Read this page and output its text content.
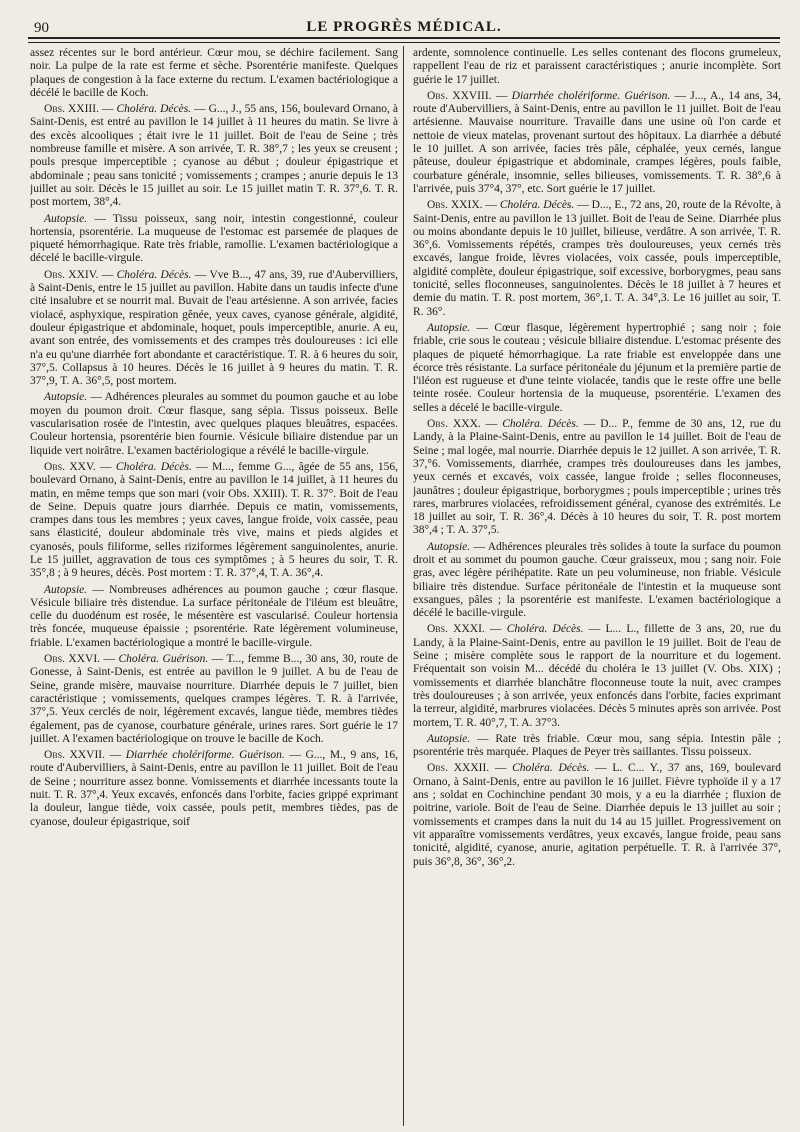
90	LE PROGRÈS MÉDICAL.

assez récentes sur le bord antérieur. Cœur mou, se déchire facilement. Sang noir. La pulpe de la rate est ferme et sèche. Psorentérie manifeste. Quelques plaques de congestion à la face externe du rectum. L'examen bactériologique a décélé le bacille de Koch.

Obs. XXIII. — Choléra. Décès. — G..., J., 55 ans, 156, boulevard Ornano, à Saint-Denis, est entré au pavillon le 14 juillet à 11 heures du matin. Se livre à des excès alcooliques ; était ivre le 11 juillet. Boit de l'eau de Seine ; très nombreuse famille et misère. A son arrivée, T. R. 38°,7 ; les yeux se creusent ; pouls presque imperceptible ; cyanose au début ; douleur épigastrique et abdominale ; peau sans tonicité ; vomissements ; crampes ; anurie depuis le 13 juillet au soir. Décès le 15 juillet au soir. Le 15 juillet matin T. R. 37°,6. T. R. post mortem, 38°,4.

Autopsie. — Tissu poisseux, sang noir, intestin congestionné, couleur hortensia, psorentérie. La muqueuse de l'estomac est parsemée de plaques de piqueté hémorrhagique. Rate très friable, ramollie. L'examen bactériologique a décelé le bacille-virgule.

Obs. XXIV. — Choléra. Décès. — Vve B..., 47 ans, 39, rue d'Aubervilliers, à Saint-Denis, entre le 15 juillet au pavillon. Habite dans un taudis infecte d'une cité insalubre et se nourrit mal. Buvait de l'eau artésienne. A son arrivée, facies violacé, asphyxique, respiration gênée, yeux caves, cyanose générale, algidité, douleur épigastrique et abdominale, hoquet, pouls imperceptible, anurie. A eu, avant son entrée, des vomissements et des crampes très douloureuses : ici elle n'a eu qu'une diarrhée fort abondante et caractéristique. T. R. à 6 heures du soir, 37°,5. Collapsus à 10 heures. Décès le 16 juillet à 9 heures du matin. T. R. 37°,9, T. A. 36°,5, post mortem.

Autopsie. — Adhérences pleurales au sommet du poumon gauche et au lobe moyen du poumon droit. Cœur flasque, sang sépia. Tissus poisseux. Belle vascularisation rosée de l'intestin, avec quelques plaques bleuâtres, espacées. Couleur hortensia, psorentérie bien fournie. Vésicule biliaire distendue par un liquide vert noirâtre. L'examen bactériologique a révélé le bacille-virgule.

Obs. XXV. — Choléra. Décès. — M..., femme G..., âgée de 55 ans, 156, boulevard Ornano, à Saint-Denis, entre au pavillon le 14 juillet, à 11 heures du matin, en même temps que son mari (voir Obs. XXIII). T. R. 37°. Boit de l'eau de Seine. Depuis quatre jours diarrhée. Depuis ce matin, vomissements, crampes dans tous les membres ; yeux caves, langue froide, voix cassée, peau sans élasticité, douleur abdominale très vive, mains et pieds algides et cyanosés, pouls filiforme, selles riziformes légèrement sanguinolentes, anurie. Le 15 juillet, aggravation de tous ces symptômes ; à 5 heures du soir, T. R. 35°,8 ; à 9 heures, décès. Post mortem : T. R. 37°,4, T. A. 36°,4.

Autopsie. — Nombreuses adhérences au poumon gauche ; cœur flasque. Vésicule biliaire très distendue. La surface péritonéale de l'iléum est bleuâtre, celle du duodénum est rosée, le mésentère est vascularisé. Couleur hortensia très foncée, muqueuse épaissie ; psorentérie. Rate légèrement volumineuse, friable. L'examen bactériologique a montré le bacille-virgule.

Obs. XXVI. — Choléra. Guérison. — T..., femme B..., 30 ans, 30, route de Gonesse, à Saint-Denis, est entrée au pavillon le 9 juillet. A bu de l'eau de Seine, grande misère, mauvaise nourriture. Diarrhée depuis le 7 juillet, bien caractéristique ; vomissements, quelques crampes légères. T. R. à l'arrivée, 37°,5. Yeux cerclés de noir, légèrement excavés, langue tiède, membres tièdes également, pas de cyanose, courbature générale, urines rares. Sort guérie le 17 juillet. A l'examen bactériologique on trouve le bacille de Koch.

Obs. XXVII. — Diarrhée cholériforme. Guérison. — G..., M., 9 ans, 16, route d'Aubervilliers, à Saint-Denis, entre au pavillon le 11 juillet. Boit de l'eau de Seine ; nourriture assez bonne. Vomissements et diarrhée incessants toute la nuit. T. R. 37°,4. Yeux excavés, enfoncés dans l'orbite, facies grippé exprimant la douleur, langue tiède, voix cassée, pouls petit, membres tièdes, pas de cyanose, douleur épigastrique, soif

ardente, somnolence continuelle. Les selles contenant des flocons grumeleux, rappellent l'eau de riz et paraissent caractéristiques ; anurie incomplète. Sort guérie le 17 juillet.

Obs. XXVIII. — Diarrhée cholériforme. Guérison. — J..., A., 14 ans, 34, route d'Aubervilliers, à Saint-Denis, entre au pavillon le 11 juillet. Boit de l'eau artésienne. Mauvaise nourriture. Travaille dans une usine où l'on carde et nettoie de vieux matelas, provenant surtout des hôpitaux. La diarrhée a débuté le 10 juillet. A son arrivée, facies très pâle, céphalée, yeux cernés, langue pâteuse, douleur épigastrique et abdominale, crampes légères, pouls faible, courbature générale, insomnie, selles bilieuses, vomissements. T. R. 38°,6 à l'arrivée, puis 37°4, 37°, etc. Sort guérie le 17 juillet.

Obs. XXIX. — Choléra. Décès. — D..., E., 72 ans, 20, route de la Révolte, à Saint-Denis, entre au pavillon le 13 juillet. Boit de l'eau de Seine. Diarrhée plus ou moins abondante depuis le 10 juillet, bilieuse, verdâtre. A son arrivée, T. R. 36°,6. Vomissements répétés, crampes très douloureuses, yeux cernés très excavés, langue froide, lèvres violacées, voix cassée, pouls imperceptible, algidité complète, douleur épigastrique, soif excessive, borborygmes, peau sans tonicité, selles floconneuses, sanguinolentes. Décès le 18 juillet à 7 heures et demie du matin. T. R. post mortem, 36°,1. T. A. 34°,3. Le 16 juillet au soir, T. R. 36°.

Autopsie. — Cœur flasque, légèrement hypertrophié ; sang noir ; foie friable, crie sous le couteau ; vésicule biliaire distendue. L'estomac présente des plaques de piqueté hémorrhagique. La rate friable est enveloppée dans une écorce très résistante. La surface péritonéale du jéjunum et la première partie de l'iléon est rugueuse et d'une teinte violacée, tandis que le reste offre une belle teinte rosée. Couleur hortensia de la muqueuse, psorentérie. L'examen des selles a décelé le bacille-virgule.

Obs. XXX. — Choléra. Décès. — D... P., femme de 30 ans, 12, rue du Landy, à la Plaine-Saint-Denis, entre au pavillon le 14 juillet. Boit de l'eau de Seine ; mal logée, mal nourrie. Diarrhée depuis le 12 juillet. A son arrivée, T. R. 37,°6. Vomissements, diarrhée, crampes très douloureuses dans les jambes, yeux cernés et excavés, voix cassée, langue froide ; selles floconneuses, jaunâtres ; douleur épigastrique, borborygmes ; pouls imperceptible ; urines très rares, marbrures violacées, refroidissement général, cyanose des extrémités. Le 18 juillet au soir, T. R. 36°,4. Décès à 10 heures du soir, T. R. post mortem 38°,4 ; T. A. 37°,5.

Autopsie. — Adhérences pleurales très solides à toute la surface du poumon droit et au sommet du poumon gauche. Cœur graisseux, mou ; sang noir. Foie gras, avec légère périhépatite. Rate un peu volumineuse, non friable. Vésicule biliaire très distendue. Surface péritonéale de l'intestin et la muqueuse sont exsangues, pâles ; la psorentérie est manifeste. L'examen bactériologique a décélé le bacille-virgule.

Obs. XXXI. — Choléra. Décès. — L... L., fillette de 3 ans, 20, rue du Landy, à la Plaine-Saint-Denis, entre au pavillon le 19 juillet. Boit de l'eau de Seine ; misère complète sous le rapport de la nourriture et du logement. Fréquentait son voisin M... décédé du choléra le 13 juillet (V. Obs. XIX) ; vomissements et diarrhée blanchâtre floconneuse toute la nuit, avec crampes très douloureuses ; à son arrivée, yeux enfoncés dans l'orbite, facies exprimant la terreur, algidité, marbrures violacées. Décès 5 minutes après son arrivée. Post mortem, T. R. 40°,7, T. A. 37°3.

Autopsie. — Rate très friable. Cœur mou, sang sépia. Intestin pâle ; psorentérie très marquée. Plaques de Peyer très saillantes. Tissu poisseux.

Obs. XXXII. — Choléra. Décès. — L. C... Y., 37 ans, 169, boulevard Ornano, à Saint-Denis, entre au pavillon le 16 juillet. Fièvre typhoïde il y a 17 ans ; soldat en Cochinchine pendant 30 mois, y a eu la diarrhée ; fluxion de poitrine, variole. Boit de l'eau de Seine. Diarrhée depuis le 13 juillet au soir ; vomissements et crampes dans la nuit du 14 au 15 juillet. Progressivement on vit apparaître vomissements verdâtres, yeux excavés, langue froide, peau sans tonicité, algidité, cyanose, anurie, agitation perpétuelle. T. R. à l'arrivée 37°, puis 36°,8, 36°, 36°,2.
